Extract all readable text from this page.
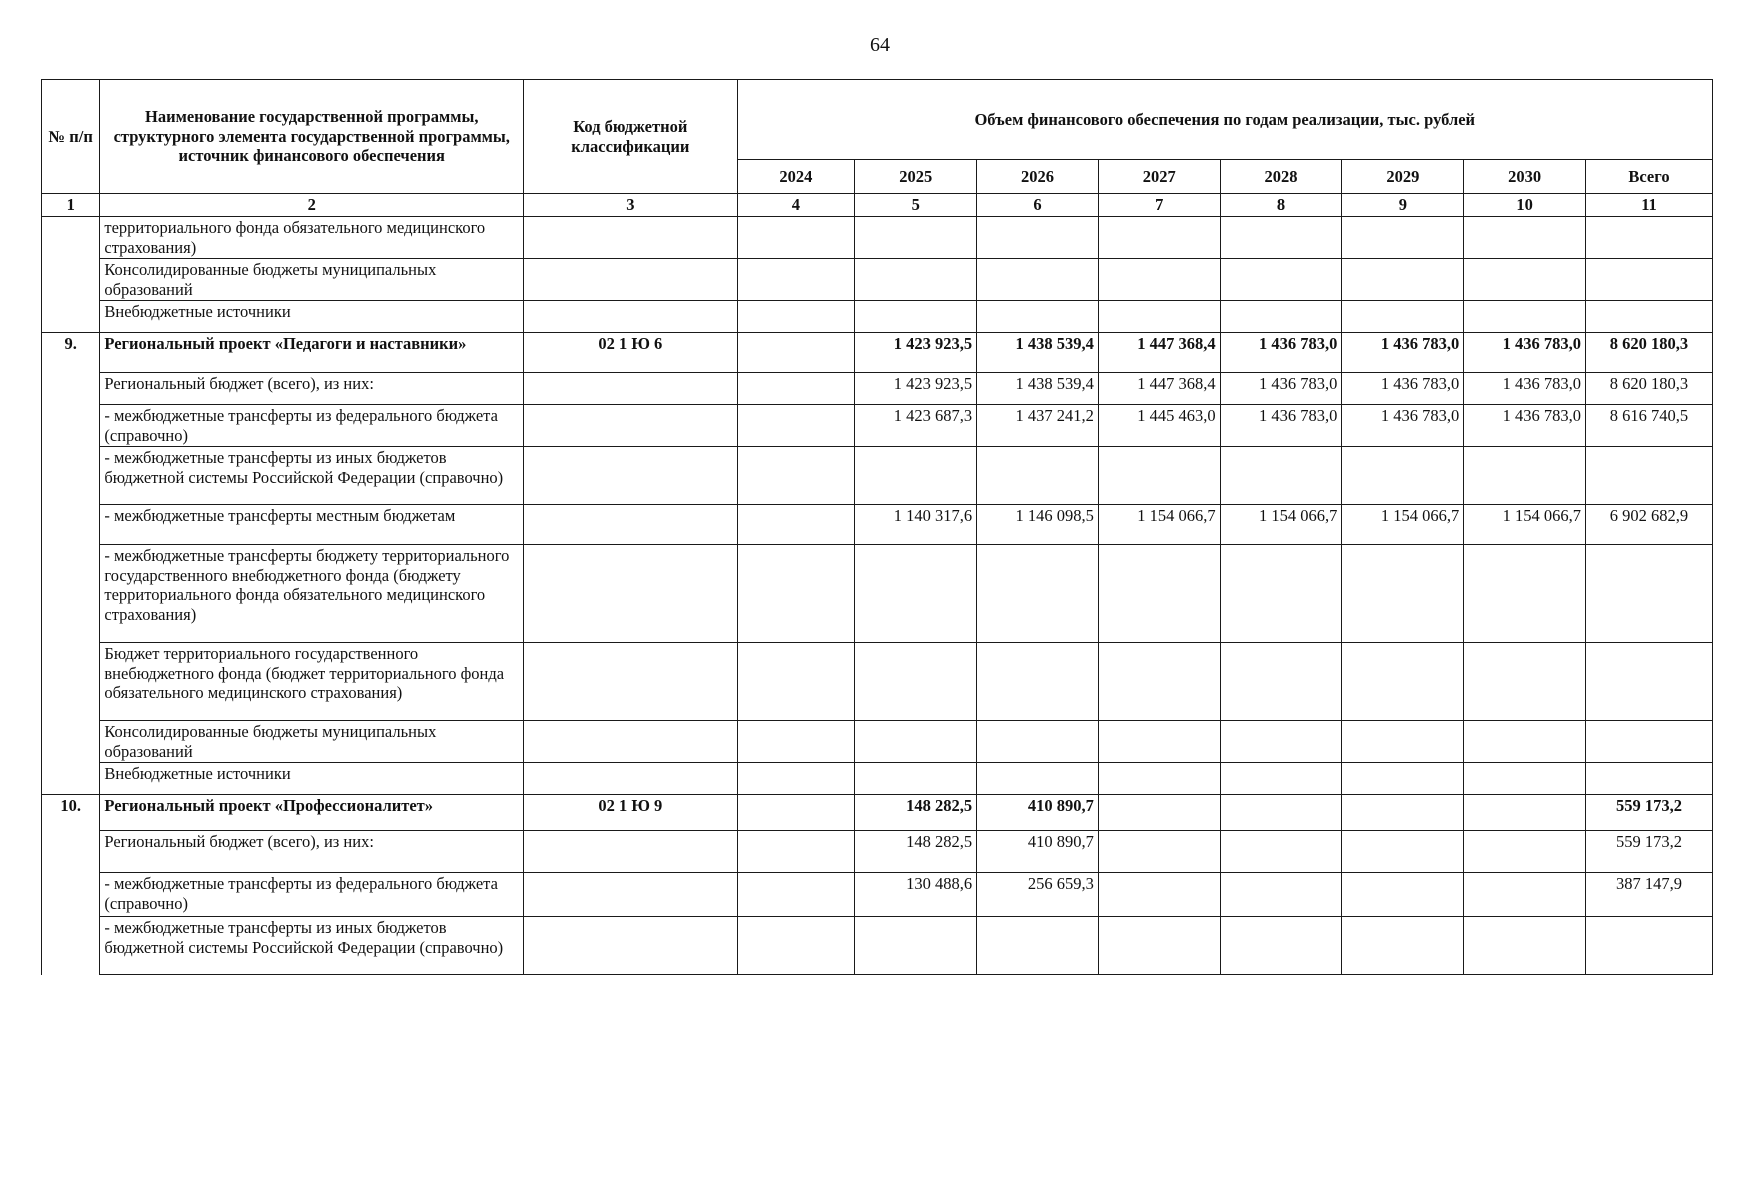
64
№ п/п	Наименование государственной программы, структурного элемента государственной программы, источник финансового обеспечения	Код бюджетной классификации	Объем финансового обеспечения по годам реализации, тыс. рублей							
			2024	2025	2026	2027	2028	2029	2030	Всего
1	2	3	4	5	6	7	8	9	10	11
	территориального фонда обязательного медицинского страхования)									
	Консолидированные бюджеты муниципальных образований									
	Внебюджетные источники									
9.	Региональный проект «Педагоги и наставники»	02 1 Ю 6		1 423 923,5	1 438 539,4	1 447 368,4	1 436 783,0	1 436 783,0	1 436 783,0	8 620 180,3
	Региональный бюджет (всего), из них:			1 423 923,5	1 438 539,4	1 447 368,4	1 436 783,0	1 436 783,0	1 436 783,0	8 620 180,3
	- межбюджетные трансферты из федерального бюджета (справочно)			1 423 687,3	1 437 241,2	1 445 463,0	1 436 783,0	1 436 783,0	1 436 783,0	8 616 740,5
	- межбюджетные трансферты из иных бюджетов бюджетной системы Российской Федерации (справочно)									
	- межбюджетные трансферты местным бюджетам			1 140 317,6	1 146 098,5	1 154 066,7	1 154 066,7	1 154 066,7	1 154 066,7	6 902 682,9
	- межбюджетные трансферты бюджету территориального государственного внебюджетного фонда (бюджету территориального фонда обязательного медицинского страхования)									
	Бюджет территориального государственного внебюджетного фонда (бюджет территориального фонда обязательного медицинского страхования)									
	Консолидированные бюджеты муниципальных образований									
	Внебюджетные источники									
10.	Региональный проект «Профессионалитет»	02 1 Ю 9		148 282,5	410 890,7					559 173,2
	Региональный бюджет (всего), из них:			148 282,5	410 890,7					559 173,2
	- межбюджетные трансферты из федерального бюджета (справочно)			130 488,6	256 659,3					387 147,9
	- межбюджетные трансферты из иных бюджетов бюджетной системы Российской Федерации (справочно)									
